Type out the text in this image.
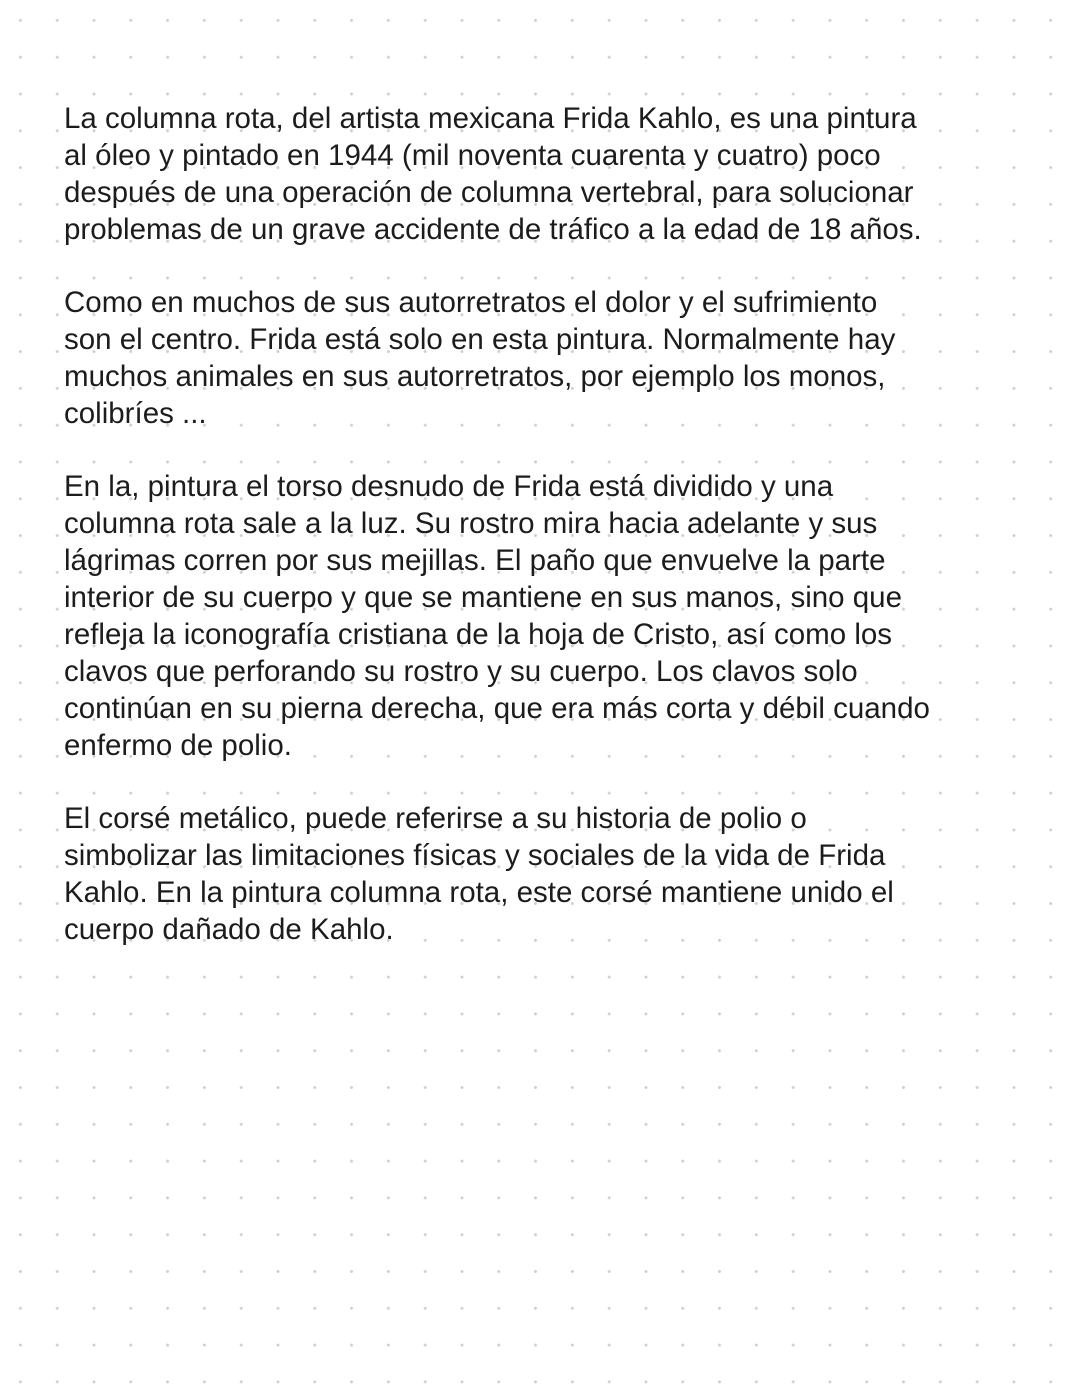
La columna rota, del artista mexicana Frida Kahlo, es una pintura
al óleo y pintado en 1944 (mil noventa cuarenta y cuatro) poco
después de una operación de columna vertebral, para solucionar
problemas de un grave accidente de tráfico a la edad de 18 años.

Como en muchos de sus autorretratos el dolor y el sufrimiento
son el centro. Frida está solo en esta pintura. Normalmente hay
muchos animales en sus autorretratos, por ejemplo los monos,
colibríes ...

En la, pintura el torso desnudo de Frida está dividido y una
columna rota sale a la luz. Su rostro mira hacia adelante y sus
lágrimas corren por sus mejillas. El paño que envuelve la parte
interior de su cuerpo y que se mantiene en sus manos, sino que
refleja la iconografía cristiana de la hoja de Cristo, así como los
clavos que perforando su rostro y su cuerpo. Los clavos solo
continúan en su pierna derecha, que era más corta y débil cuando
enfermo de polio.

El corsé metálico, puede referirse a su historia de polio o
simbolizar las limitaciones físicas y sociales de la vida de Frida
Kahlo. En la pintura columna rota, este corsé mantiene unido el
cuerpo dañado de Kahlo.
